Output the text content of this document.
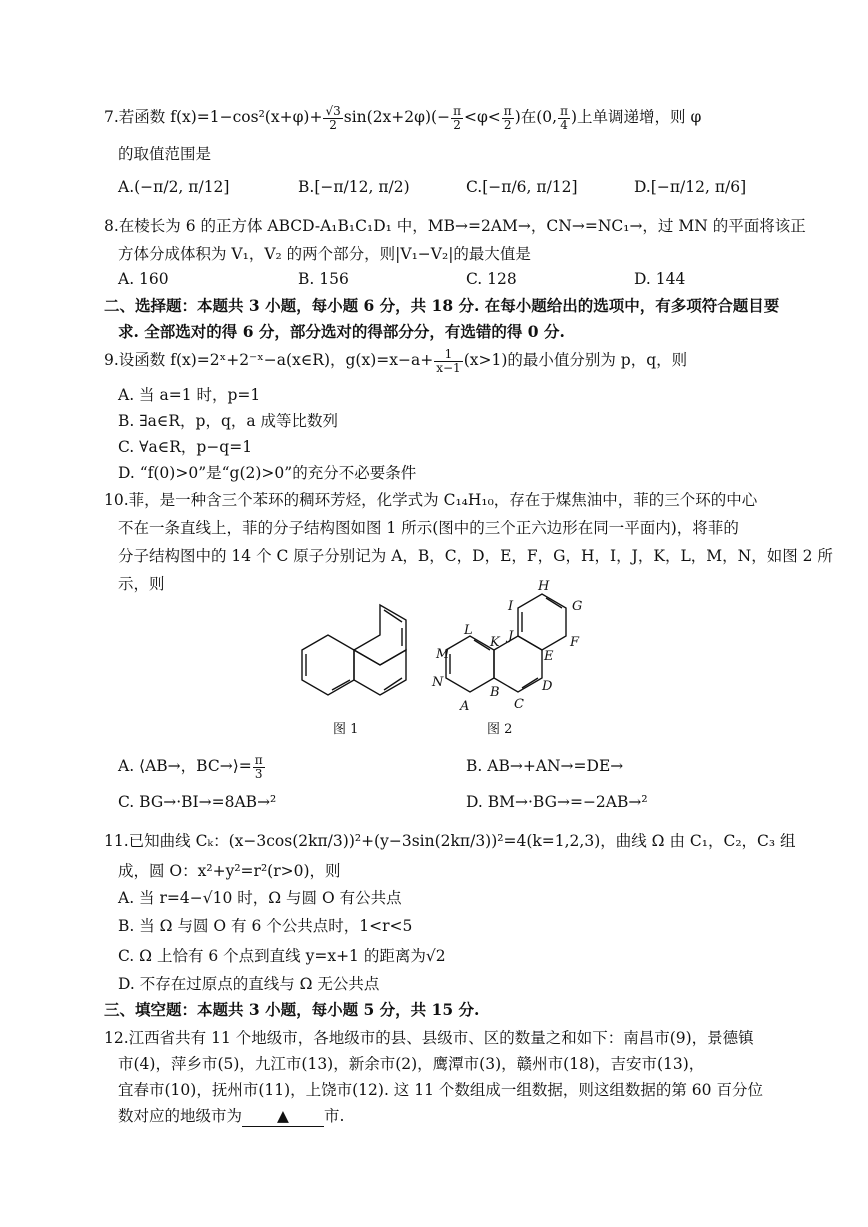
7.若函数 $f(x)=1-\cos^2(x+\varphi)+ \frac{√3}{2} \sin(2x+2\varphi)(- \frac{\pi}{2} <\varphi< \frac{\pi}{2}$ )在(0, $\frac{\pi}{4}$ )上单调递增，则 φ
的取值范围是
A.(−π/2, π/12]	B.[−π/12, π/2)	C.[−π/6, π/12]	D.[−π/12, π/6]
8.在棱长为 6 的正方体 ABCD-A₁B₁C₁D₁ 中，MB→=2AM→，CN→=NC₁→，过 MN 的平面将该正
方体分成体积为 V₁，V₂ 的两个部分，则|V₁−V₂|的最大值是
A. 160	B. 156	C. 128	D. 144
二、选择题：本题共 3 小题，每小题 6 分，共 18 分. 在每小题给出的选项中，有多项符合题目要
求. 全部选对的得 6 分，部分选对的得部分分，有选错的得 0 分.
9.设函数 f(x)=2ˣ+2⁻ˣ−a(x∈R)，$g(x)=x-a+ \frac{1}{x-1} (x>1)$的最小值分别为 p，q，则
A. 当 a=1 时，p=1
B. ∃a∈R，p，q，a 成等比数列
C. ∀a∈R，p−q=1
D. “f(0)>0”是“g(2)>0”的充分不必要条件
10.菲，是一种含三个苯环的稠环芳烃，化学式为 C₁₄H₁₀，存在于煤焦油中，菲的三个环的中心
不在一条直线上，菲的分子结构图如图 1 所示(图中的三个正六边形在同一平面内)，将菲的
分子结构图中的 14 个 C 原子分别记为 A，B，C，D，E，F，G，H，I，J，K，L，M，N，如图 2 所
示，则
图 1
M
N
A
B
C
D
E
F
G
H
I
J
K
L
图 2
A. ⟨AB→，BC→⟩= $\frac{\pi}{3}$	B. AB→+AN→=DE→
C. BG→·BI→=8AB→²	D. BM→·BG→=−2AB→²
11.已知曲线 Cₖ：(x−3cos(2kπ/3))²+(y−3sin(2kπ/3))²=4(k=1,2,3)，曲线 Ω 由 C₁，C₂，C₃ 组
成，圆 O：x²+y²=r²(r>0)，则
A. 当 r=4−√10 时，Ω 与圆 O 有公共点
B. 当 Ω 与圆 O 有 6 个公共点时，1<r<5
C. Ω 上恰有 6 个点到直线 y=x+1 的距离为√2
D. 不存在过原点的直线与 Ω 无公共点
三、填空题：本题共 3 小题，每小题 5 分，共 15 分.
12.江西省共有 11 个地级市，各地级市的县、县级市、区的数量之和如下：南昌市(9)，景德镇
市(4)，萍乡市(5)，九江市(13)，新余市(2)，鹰潭市(3)，赣州市(18)，吉安市(13)，
宜春市(10)，抚州市(11)，上饶市(12). 这 11 个数组成一组数据，则这组数据的第 60 百分位
数对应的地级市为 ▲ 市.
